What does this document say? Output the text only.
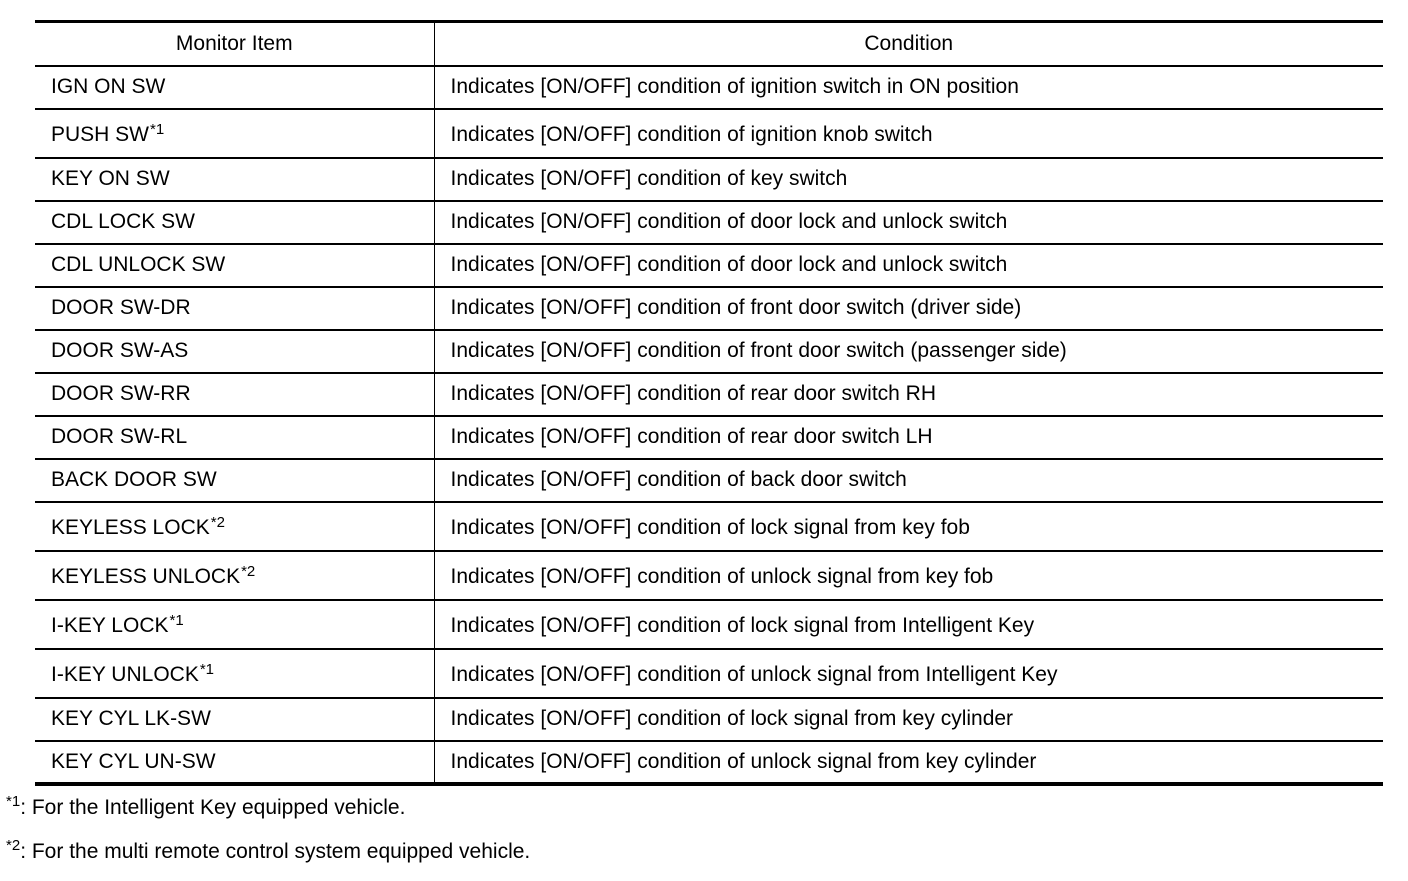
Monitor Item	Condition
IGN ON SW	Indicates [ON/OFF] condition of ignition switch in ON position
PUSH SW$^{*1}$	Indicates [ON/OFF] condition of ignition knob switch
KEY ON SW	Indicates [ON/OFF] condition of key switch
CDL LOCK SW	Indicates [ON/OFF] condition of door lock and unlock switch
CDL UNLOCK SW	Indicates [ON/OFF] condition of door lock and unlock switch
DOOR SW-DR	Indicates [ON/OFF] condition of front door switch (driver side)
DOOR SW-AS	Indicates [ON/OFF] condition of front door switch (passenger side)
DOOR SW-RR	Indicates [ON/OFF] condition of rear door switch RH
DOOR SW-RL	Indicates [ON/OFF] condition of rear door switch LH
BACK DOOR SW	Indicates [ON/OFF] condition of back door switch
KEYLESS LOCK$^{*2}$	Indicates [ON/OFF] condition of lock signal from key fob
KEYLESS UNLOCK$^{*2}$	Indicates [ON/OFF] condition of unlock signal from key fob
I-KEY LOCK$^{*1}$	Indicates [ON/OFF] condition of lock signal from Intelligent Key
I-KEY UNLOCK$^{*1}$	Indicates [ON/OFF] condition of unlock signal from Intelligent Key
KEY CYL LK-SW	Indicates [ON/OFF] condition of lock signal from key cylinder
KEY CYL UN-SW	Indicates [ON/OFF] condition of unlock signal from key cylinder
$^{*1}$: For the Intelligent Key equipped vehicle.
$^{*2}$: For the multi remote control system equipped vehicle.
